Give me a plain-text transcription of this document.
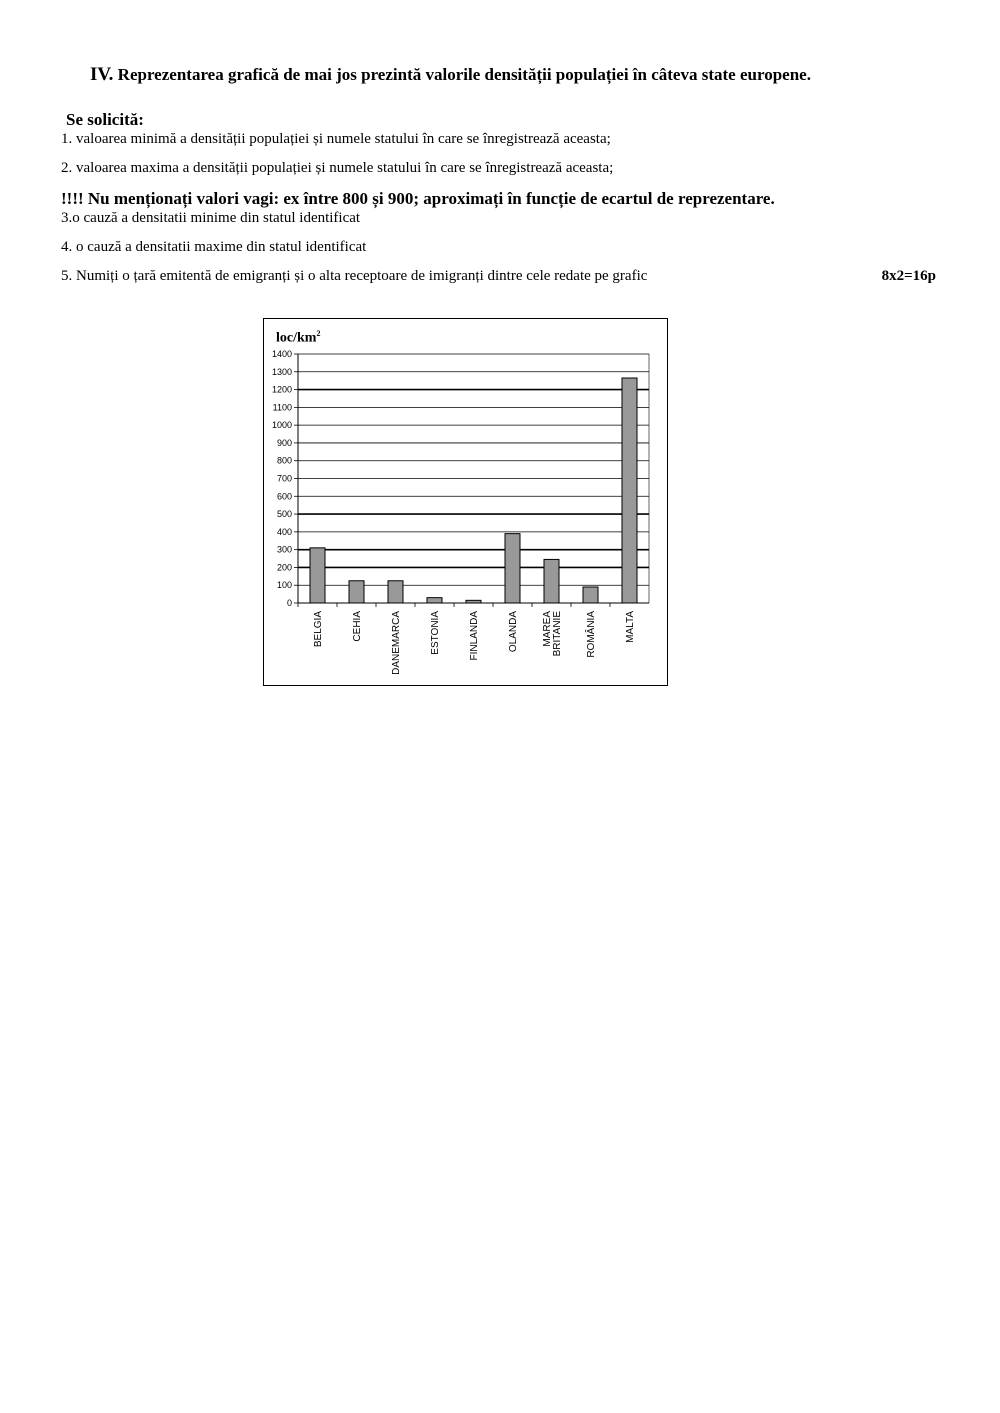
IV. Reprezentarea grafică de mai jos prezintă valorile densității populației în câteva state europene.
Se solicită:
1. valoarea minimă a densității populației și numele statului în care se înregistrează aceasta;
2. valoarea maxima a densității populației și numele statului în care se înregistrează aceasta;
!!!! Nu menționați valori vagi: ex între 800 și 900; aproximați în funcție de ecartul de reprezentare.
3.o cauză a densitatii minime din statul identificat
4. o cauză a densitatii maxime din statul identificat
5. Numiți o țară emitentă de emigranți și o alta receptoare de imigranți dintre cele redate pe grafic	8x2=16p
loc/$km^2$
0
100
200
300
400
500
600
700
800
900
1000
1100
1200
1300
1400
BELGIA	CEHIA	DANEMARCA	ESTONIA	FINLANDA	OLANDA MAREA BRITANIE ROMÂNIA	MALTA
